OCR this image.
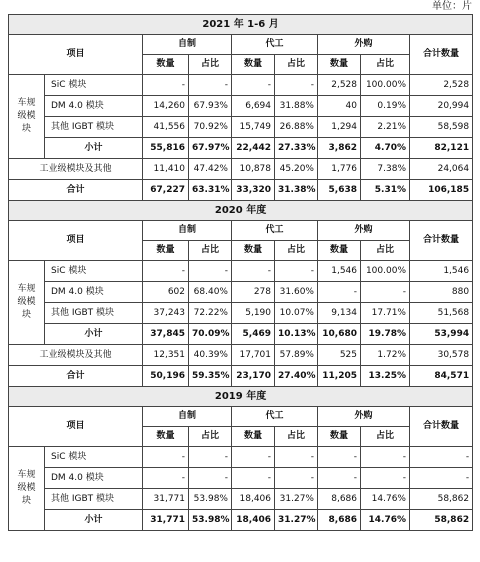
单位：片
2021 年 1-6 月								
项目		自制		代工		外购		合计数量
		数量	占比	数量	占比	数量	占比	

车规
级模
块	SiC 模块	-	-	-	-	2,528	100.00%	2,528
	DM 4.0 模块	14,260	67.93%	6,694	31.88%	40	0.19%	20,994
	其他 IGBT 模块	41,556	70.92%	15,749	26.88%	1,294	2.21%	58,598
	小计	55,816	67.97%	22,442	27.33%	3,862	4.70%	82,121
工业级模块及其他		11,410	47.42%	10,878	45.20%	1,776	7.38%	24,064
合计		67,227	63.31%	33,320	31.38%	5,638	5.31%	106,185
2020 年度								
项目		自制		代工		外购		合计数量
		数量	占比	数量	占比	数量	占比	

车规
级模
块	SiC 模块	-	-	-	-	1,546	100.00%	1,546
	DM 4.0 模块	602	68.40%	278	31.60%	-	-	880
	其他 IGBT 模块	37,243	72.22%	5,190	10.07%	9,134	17.71%	51,568
	小计	37,845	70.09%	5,469	10.13%	10,680	19.78%	53,994
工业级模块及其他		12,351	40.39%	17,701	57.89%	525	1.72%	30,578
合计		50,196	59.35%	23,170	27.40%	11,205	13.25%	84,571
2019 年度								
项目		自制		代工		外购		合计数量
		数量	占比	数量	占比	数量	占比	

车规
级模
块	SiC 模块	-	-	-	-	-	-	-
	DM 4.0 模块	-	-	-	-	-	-	-
	其他 IGBT 模块	31,771	53.98%	18,406	31.27%	8,686	14.76%	58,862
	小计	31,771	53.98%	18,406	31.27%	8,686	14.76%	58,862
